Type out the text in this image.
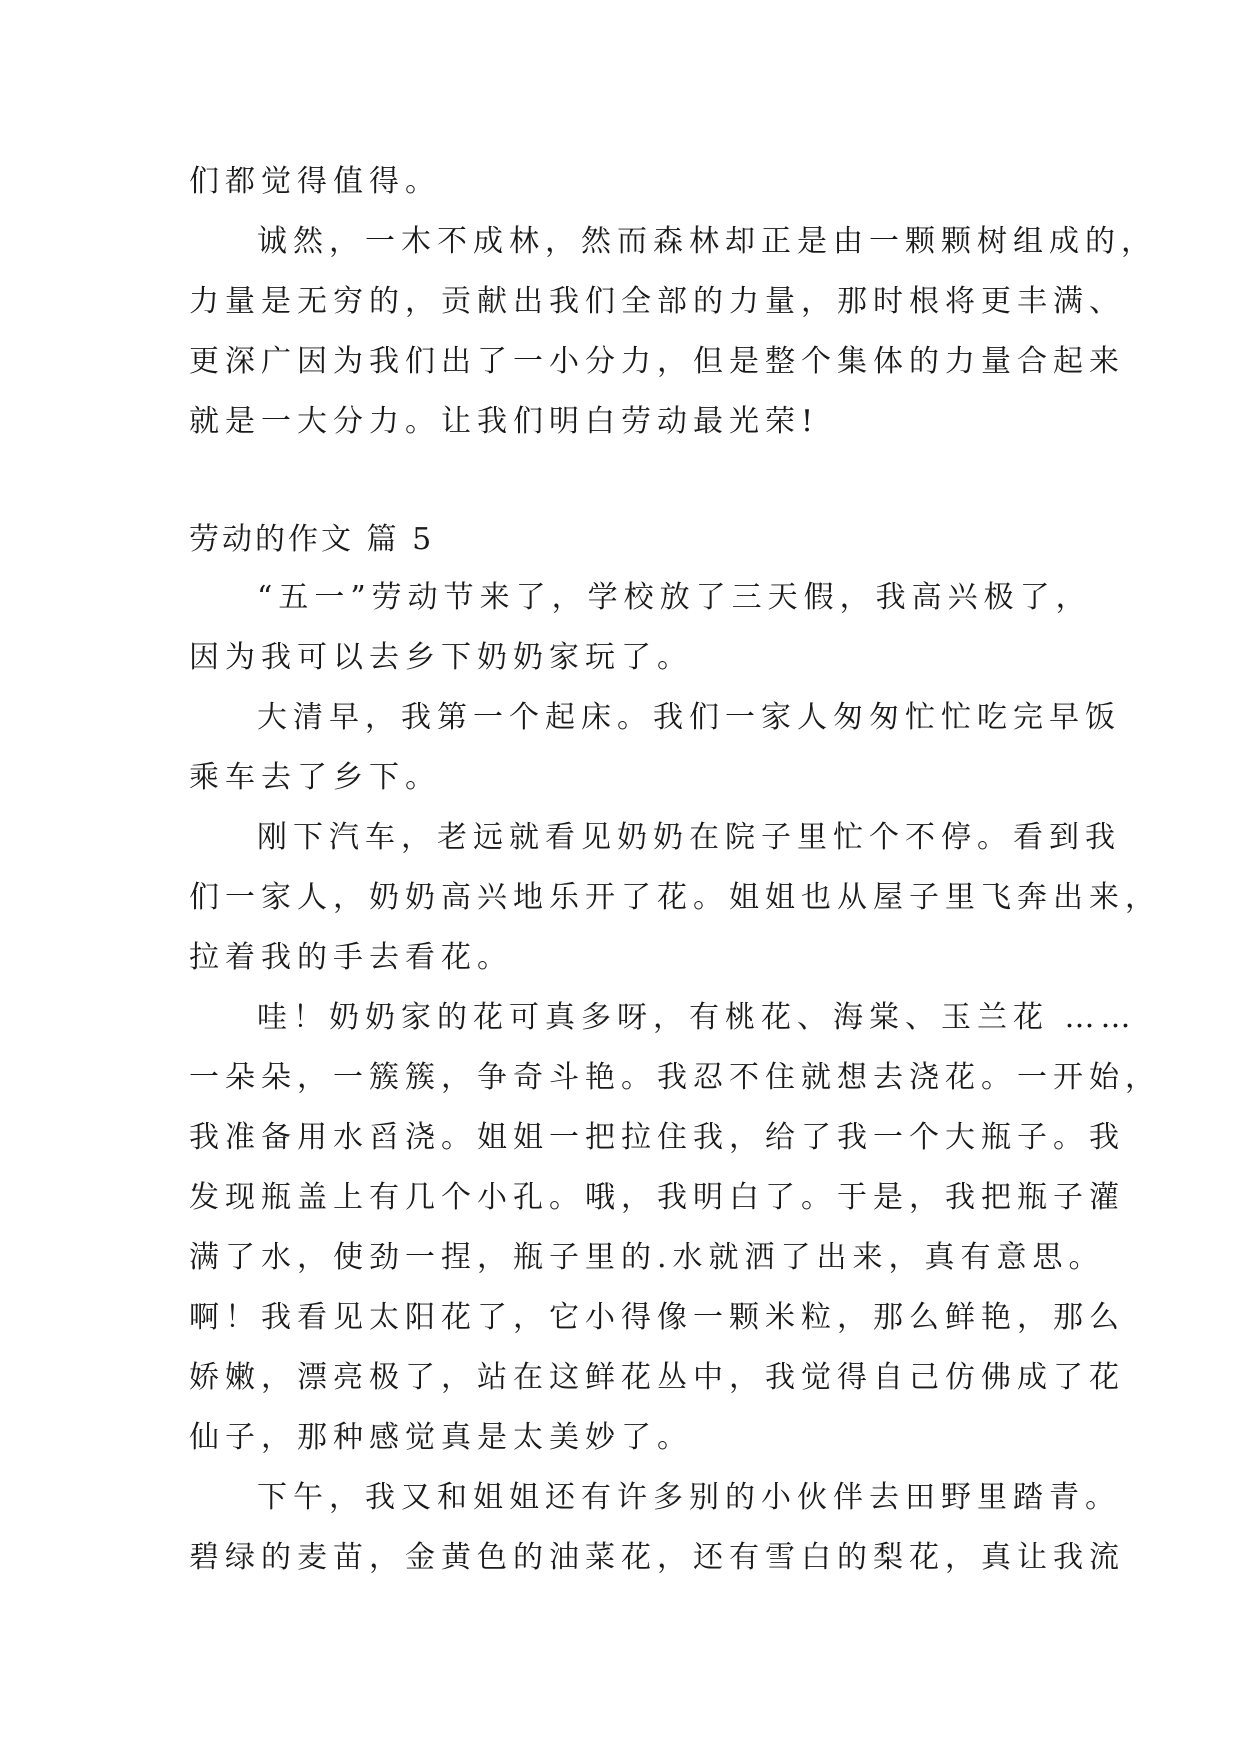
们都觉得值得。
诚然，一木不成林，然而森林却正是由一颗颗树组成的，
力量是无穷的，贡献出我们全部的力量，那时根将更丰满、
更深广因为我们出了一小分力，但是整个集体的力量合起来
就是一大分力。让我们明白劳动最光荣!
劳动的作文 篇 5
“五一”劳动节来了，学校放了三天假，我高兴极了，
因为我可以去乡下奶奶家玩了。
大清早，我第一个起床。我们一家人匆匆忙忙吃完早饭
乘车去了乡下。
刚下汽车，老远就看见奶奶在院子里忙个不停。看到我
们一家人，奶奶高兴地乐开了花。姐姐也从屋子里飞奔出来，
拉着我的手去看花。
哇！奶奶家的花可真多呀，有桃花、海棠、玉兰花 ……
一朵朵，一簇簇，争奇斗艳。我忍不住就想去浇花。一开始，
我准备用水舀浇。姐姐一把拉住我，给了我一个大瓶子。我
发现瓶盖上有几个小孔。哦，我明白了。于是，我把瓶子灌
满了水，使劲一捏，瓶子里的.水就洒了出来，真有意思。
啊！我看见太阳花了，它小得像一颗米粒，那么鲜艳，那么
娇嫩，漂亮极了，站在这鲜花丛中，我觉得自己仿佛成了花
仙子，那种感觉真是太美妙了。
下午，我又和姐姐还有许多别的小伙伴去田野里踏青。
碧绿的麦苗，金黄色的油菜花，还有雪白的梨花，真让我流
